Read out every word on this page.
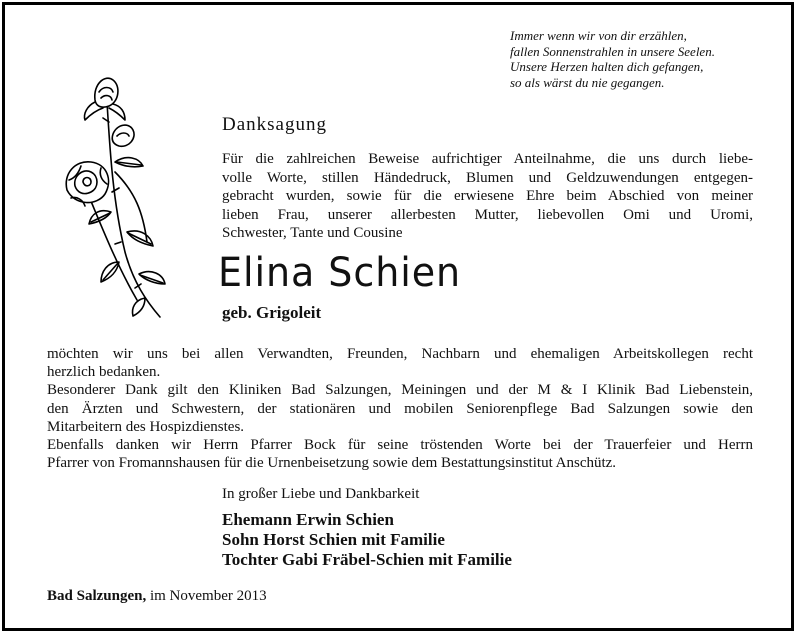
Immer wenn wir von dir erzählen,
fallen Sonnenstrahlen in unsere Seelen.
Unsere Herzen halten dich gefangen,
so als wärst du nie gegangen.
Danksagung
Für die zahlreichen Beweise aufrichtiger Anteilnahme, die uns durch liebe-
volle Worte, stillen Händedruck, Blumen und Geldzuwendungen entgegen-
gebracht wurden, sowie für die erwiesene Ehre beim Abschied von meiner
lieben Frau, unserer allerbesten Mutter, liebevollen Omi und Uromi,
Schwester, Tante und Cousine
Elina Schien
geb. Grigoleit
möchten wir uns bei allen Verwandten, Freunden, Nachbarn und ehemaligen Arbeitskollegen recht
herzlich bedanken.
Besonderer Dank gilt den Kliniken Bad Salzungen, Meiningen und der M & I Klinik Bad Liebenstein,
den Ärzten und Schwestern, der stationären und mobilen Seniorenpflege Bad Salzungen sowie den
Mitarbeitern des Hospizdienstes.
Ebenfalls danken wir Herrn Pfarrer Bock für seine tröstenden Worte bei der Trauerfeier und Herrn
Pfarrer von Fromannshausen für die Urnenbeisetzung sowie dem Bestattungsinstitut Anschütz.
In großer Liebe und Dankbarkeit
Ehemann Erwin Schien
Sohn Horst Schien mit Familie
Tochter Gabi Fräbel-Schien mit Familie
Bad Salzungen, im November 2013
